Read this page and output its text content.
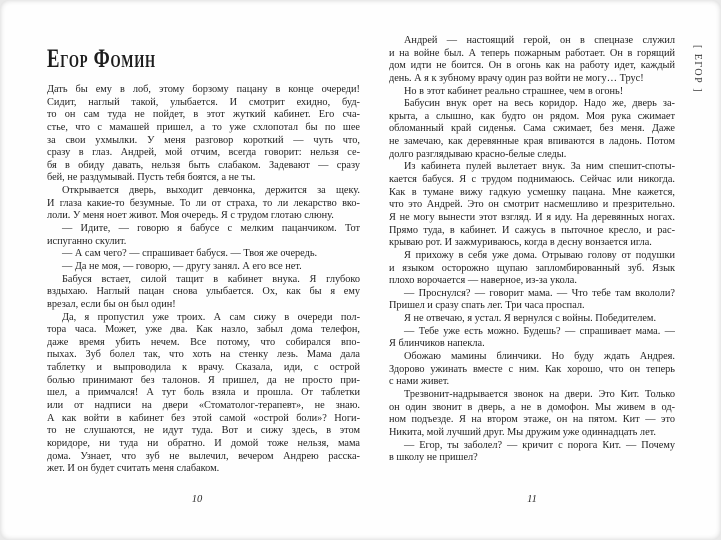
Егор Фомин
Дать бы ему в лоб, этому борзому пацану в конце очереди!
Сидит, наглый такой, улыбается. И смотрит ехидно, буд-
то он сам туда не пойдет, в этот жуткий кабинет. Его сча-
стье, что с мамашей пришел, а то уже схлопотал бы по шее
за свои ухмылки. У меня разговор короткий — чуть что,
сразу в глаз. Андрей, мой отчим, всегда говорит: нельзя се-
бя в обиду давать, нельзя быть слабаком. Задевают — сразу
бей, не раздумывай. Пусть тебя боятся, а не ты.
Открывается дверь, выходит девчонка, держится за щеку.
И глаза какие-то безумные. То ли от страха, то ли лекарство вко-
лоли. У меня ноет живот. Моя очередь. Я с трудом глотаю слюну.
— Идите, — говорю я бабусе с мелким пацанчиком. Тот
испуганно скулит.
— А сам чего? — спрашивает бабуся. — Твоя же очередь.
— Да не моя, — говорю, — другу занял. А его все нет.
Бабуся встает, силой тащит в кабинет внука. Я глубоко
вздыхаю. Наглый пацан снова улыбается. Ох, как бы я ему
врезал, если бы он был один!
Да, я пропустил уже троих. А сам сижу в очереди пол-
тора часа. Может, уже два. Как назло, забыл дома телефон,
даже время убить нечем. Все потому, что собирался впо-
пыхах. Зуб болел так, что хоть на стенку лезь. Мама дала
таблетку и выпроводила к врачу. Сказала, иди, с острой
болью принимают без талонов. Я пришел, да не просто при-
шел, а примчался! А тут боль взяла и прошла. От таблетки
или от надписи на двери «Стоматолог-терапевт», не знаю.
А как войти в кабинет без этой самой «острой боли»? Ноги-
то не слушаются, не идут туда. Вот и сижу здесь, в этом
коридоре, ни туда ни обратно. И домой тоже нельзя, мама
дома. Узнает, что зуб не вылечил, вечером Андрею расска-
жет. И он будет считать меня слабаком.
Андрей — настоящий герой, он в спецназе служил
и на войне был. А теперь пожарным работает. Он в горящий
дом идти не боится. Он в огонь как на работу идет, каждый
день. А я к зубному врачу один раз войти не могу… Трус!
Но в этот кабинет реально страшнее, чем в огонь!
Бабусин внук орет на весь коридор. Надо же, дверь за-
крыта, а слышно, как будто он рядом. Моя рука сжимает
обломанный край сиденья. Сама сжимает, без меня. Даже
не замечаю, как деревянные края впиваются в ладонь. Потом
долго разглядываю красно-белые следы.
Из кабинета пулей вылетает внук. За ним спешит-споты-
кается бабуся. Я с трудом поднимаюсь. Сейчас или никогда.
Как в тумане вижу гадкую усмешку пацана. Мне кажется,
что это Андрей. Это он смотрит насмешливо и презрительно.
Я не могу вынести этот взгляд. И я иду. На деревянных ногах.
Прямо туда, в кабинет. И сажусь в пыточное кресло, и рас-
крываю рот. И зажмуриваюсь, когда в десну вонзается игла.
Я прихожу в себя уже дома. Отрываю голову от подушки
и языком осторожно щупаю запломбированный зуб. Язык
плохо ворочается — наверное, из-за укола.
— Проснулся? — говорит мама. — Что тебе там вкололи?
Пришел и сразу спать лег. Три часа проспал.
Я не отвечаю, я устал. Я вернулся с войны. Победителем.
— Тебе уже есть можно. Будешь? — спрашивает мама. —
Я блинчиков напекла.
Обожаю мамины блинчики. Но буду ждать Андрея.
Здорово ужинать вместе с ним. Как хорошо, что он теперь
с нами живет.
Трезвонит-надрывается звонок на двери. Это Кит. Только
он один звонит в дверь, а не в домофон. Мы живем в од-
ном подъезде. Я на втором этаже, он на пятом. Кит — это
Никита, мой лучший друг. Мы дружим уже одиннадцать лет.
— Егор, ты заболел? — кричит с порога Кит. — Почему
в школу не пришел?
10	11
[ ЕГОР ]
